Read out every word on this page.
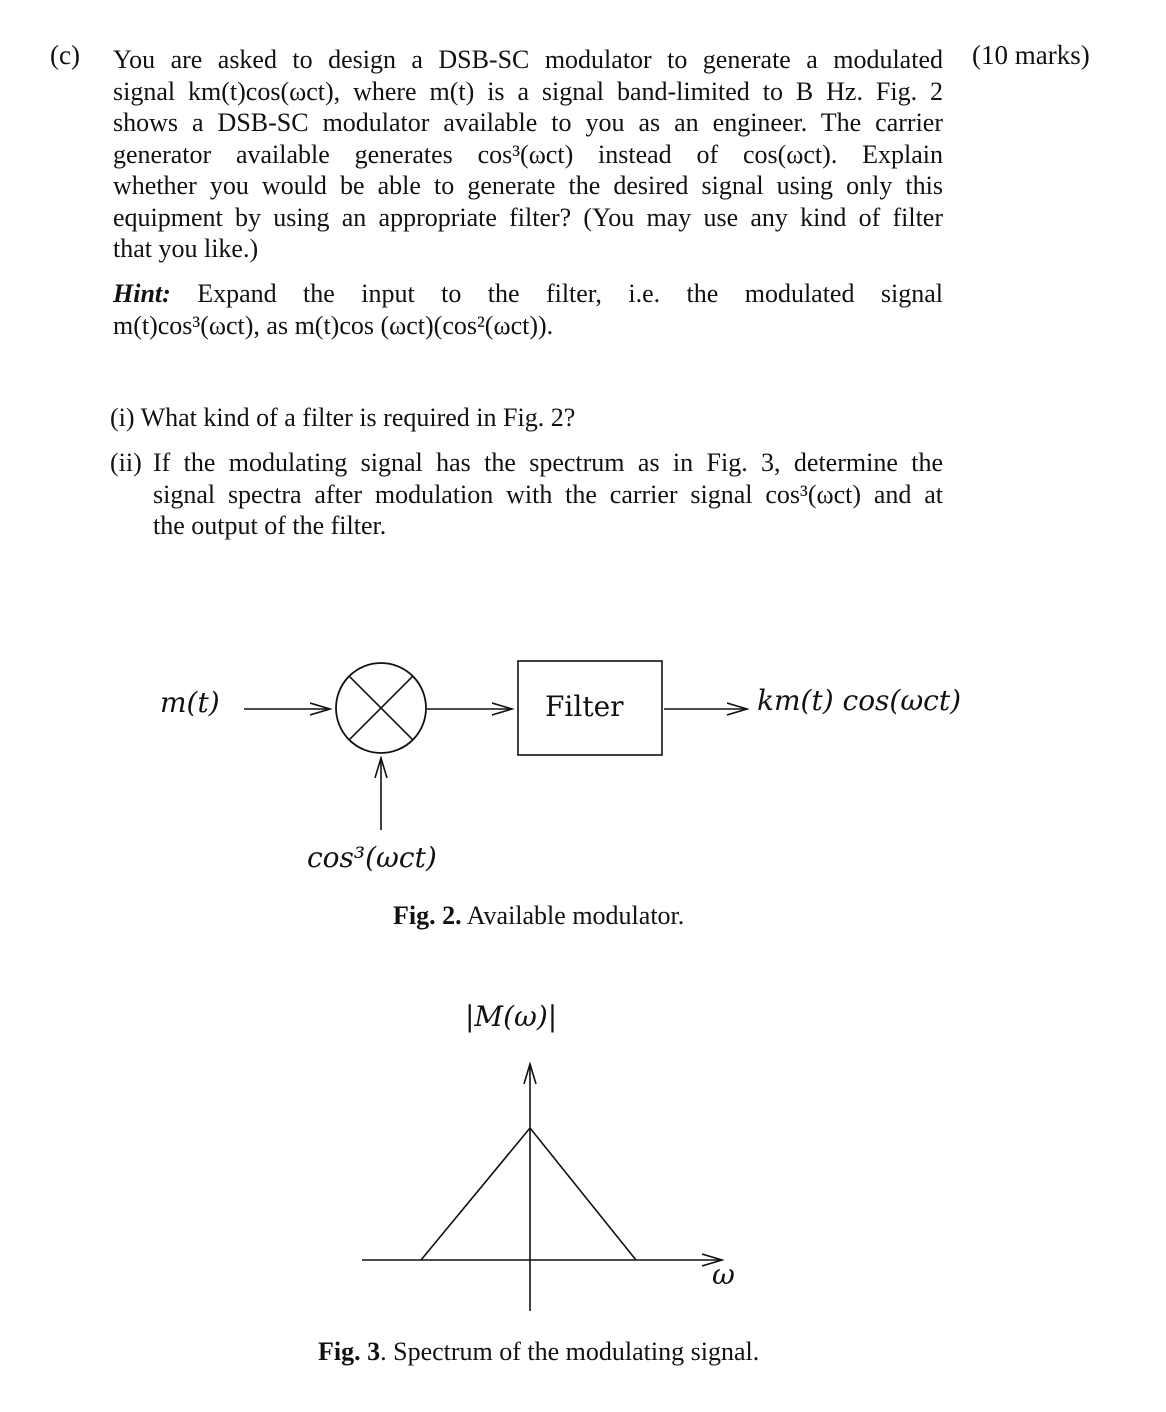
(c)	(10 marks)
You are asked to design a DSB-SC modulator to generate a modulated
signal km(t)cos(ωct), where m(t) is a signal band-limited to B Hz. Fig. 2
shows a DSB-SC modulator available to you as an engineer. The carrier
generator available generates cos³(ωct) instead of cos(ωct). Explain
whether you would be able to generate the desired signal using only this
equipment by using an appropriate filter? (You may use any kind of filter
that you like.)
Hint: Expand the input to the filter, i.e. the modulated signal
m(t)cos³(ωct), as m(t)cos (ωct)(cos²(ωct)).
(i) What kind of a filter is required in Fig. 2?
(ii) If the modulating signal has the spectrum as in Fig. 3, determine the
signal spectra after modulation with the carrier signal cos³(ωct) and at
the output of the filter.
m(t)	Filter	km(t) cos(ωct)
cos³(ωct)
Fig. 2. Available modulator.
|M(ω)|
ω
Fig. 3. Spectrum of the modulating signal.
